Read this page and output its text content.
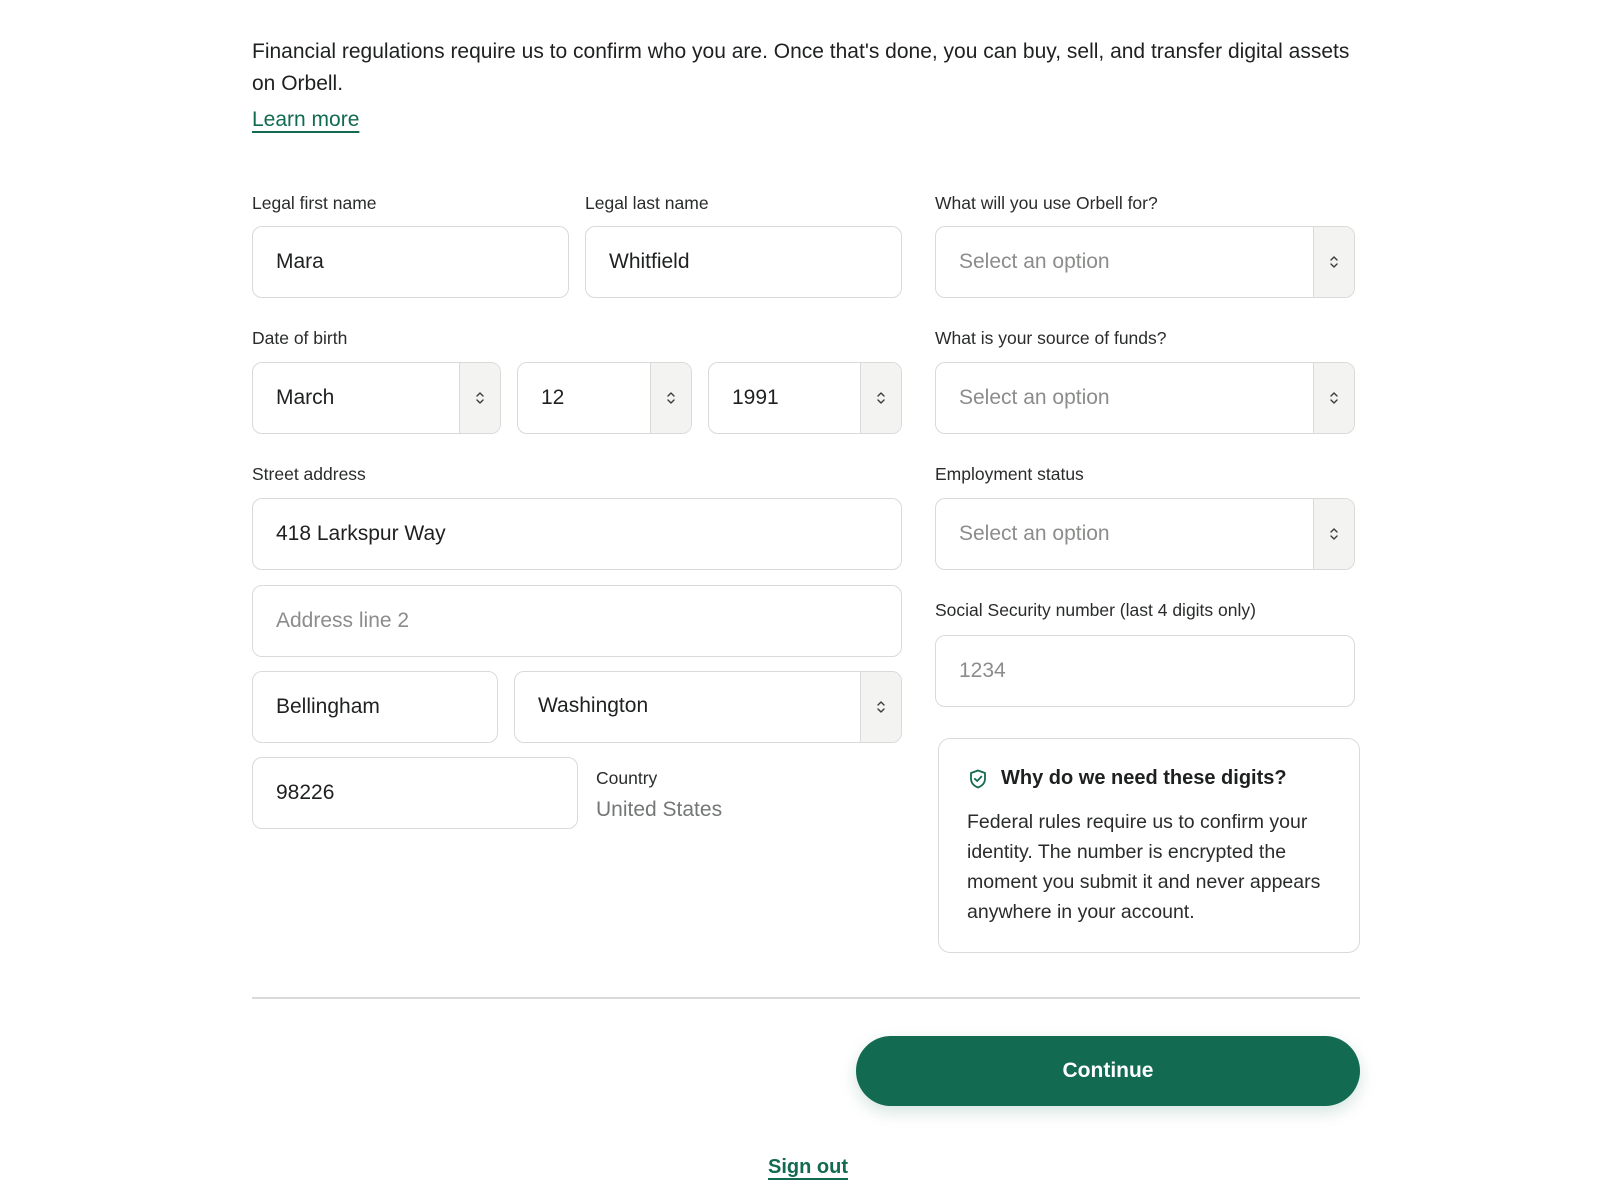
Financial regulations require us to confirm who you are. Once that's done, you can buy, sell, and transfer digital assets on Orbell.

Learn more
Legal first name	Legal last name
Mara	Whitfield
Date of birth
March	12	1991
Street address
418 Larkspur Way
Address line 2
Bellingham	Washington
98226
Country
United States
What will you use Orbell for?
Select an option
What is your source of funds?
Select an option
Employment status
Select an option
Social Security number (last 4 digits only)
1234
Why do we need these digits?

Federal rules require us to confirm your identity. The number is encrypted the moment you submit it and never appears anywhere in your account.

Continue
Sign out
